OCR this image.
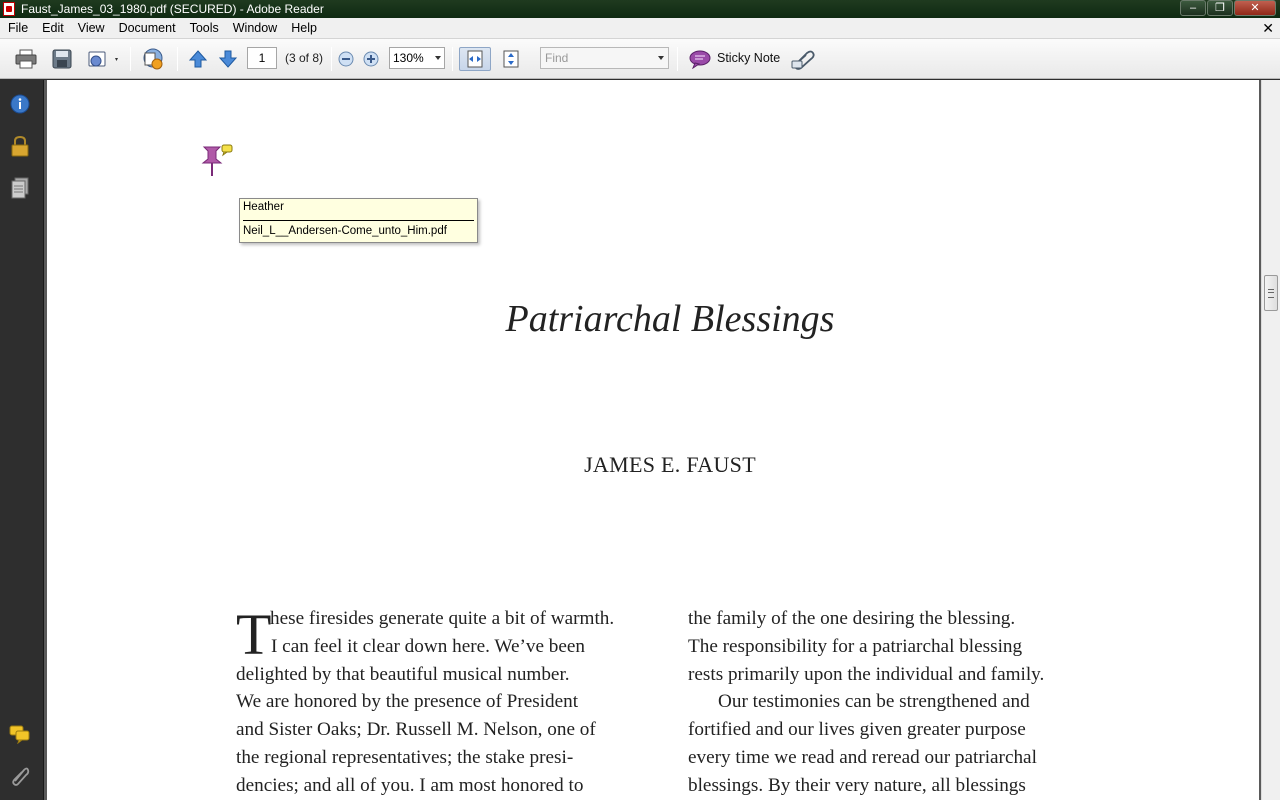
Faust_James_03_1980.pdf (SECURED) - Adobe Reader	–	❐	✕
File	Edit	View	Document	Tools	Window	Help	✕
1	(3 of 8)	130%	Find	Sticky Note
Heather
Neil_L__Andersen-Come_unto_Him.pdf
Patriarchal Blessings
JAMES E. FAUST
T
hese firesides generate quite a bit of warmth.
I can feel it clear down here. We’ve been
delighted by that beautiful musical number.
We are honored by the presence of President
and Sister Oaks; Dr. Russell M. Nelson, one of
the regional representatives; the stake presi-
dencies; and all of you. I am most honored to
the family of the one desiring the blessing.
The responsibility for a patriarchal blessing
rests primarily upon the individual and family.
Our testimonies can be strengthened and
fortified and our lives given greater purpose
every time we read and reread our patriarchal
blessings. By their very nature, all blessings
